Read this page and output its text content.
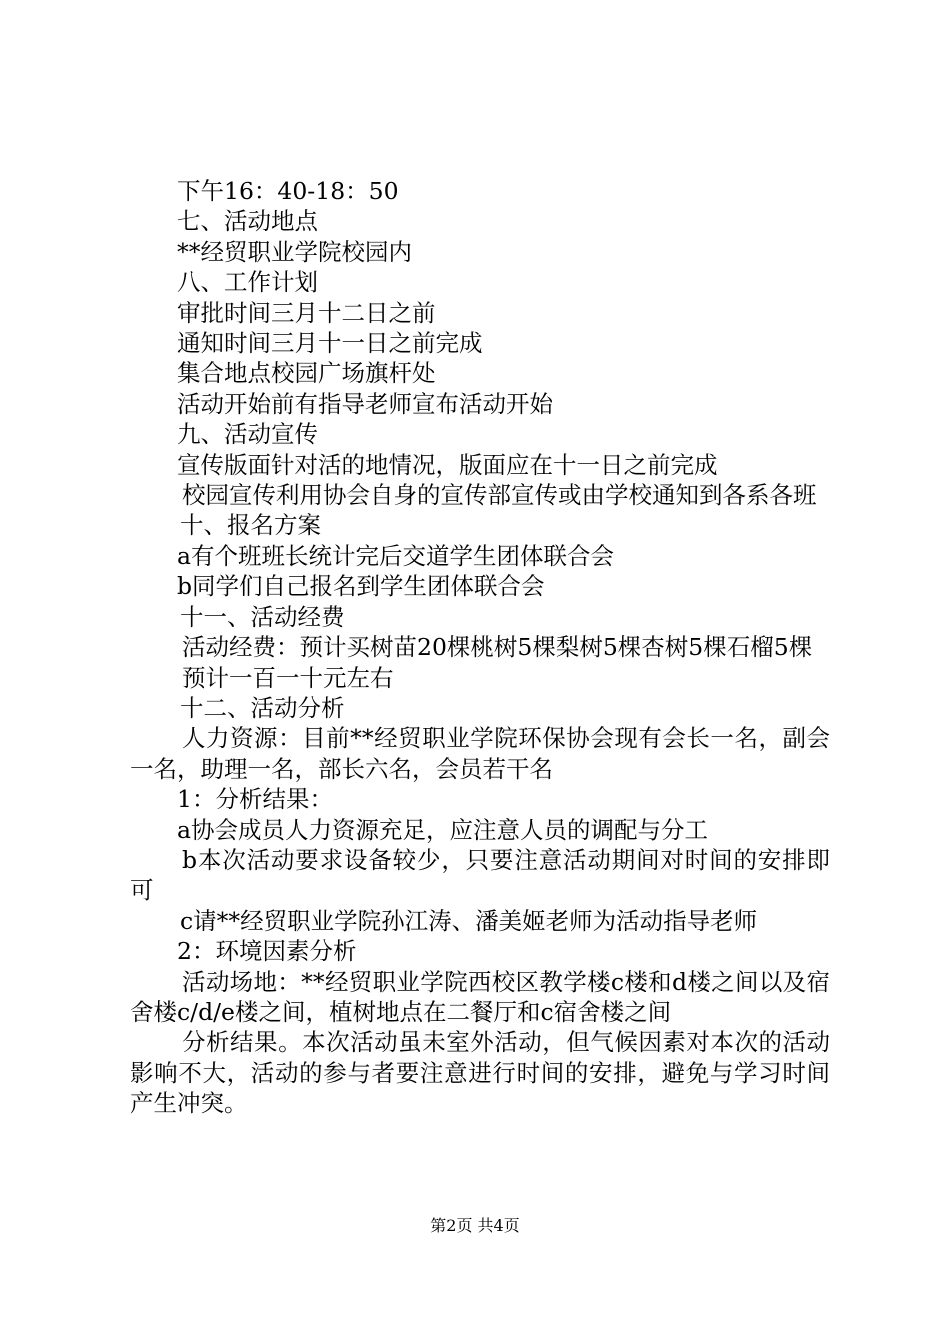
下午16：40-18：50
七、活动地点
**经贸职业学院校园内
八、工作计划
审批时间三月十二日之前
通知时间三月十一日之前完成
集合地点校园广场旗杆处
活动开始前有指导老师宣布活动开始
九、活动宣传
宣传版面针对活的地情况，版面应在十一日之前完成
校园宣传利用协会自身的宣传部宣传或由学校通知到各系各班
十、报名方案
a有个班班长统计完后交道学生团体联合会
b同学们自己报名到学生团体联合会
十一、活动经费
活动经费：预计买树苗20棵桃树5棵梨树5棵杏树5棵石榴5棵
预计一百一十元左右
十二、活动分析
人力资源：目前**经贸职业学院环保协会现有会长一名，副会一名，助理一名，部长六名，会员若干名
1：分析结果：
a协会成员人力资源充足，应注意人员的调配与分工
b本次活动要求设备较少，只要注意活动期间对时间的安排即可
c请**经贸职业学院孙江涛、潘美姬老师为活动指导老师
2：环境因素分析
活动场地：**经贸职业学院西校区教学楼c楼和d楼之间以及宿舍楼c/d/e楼之间，植树地点在二餐厅和c宿舍楼之间
分析结果。本次活动虽未室外活动，但气候因素对本次的活动影响不大，活动的参与者要注意进行时间的安排，避免与学习时间产生冲突。
第2页 共4页
